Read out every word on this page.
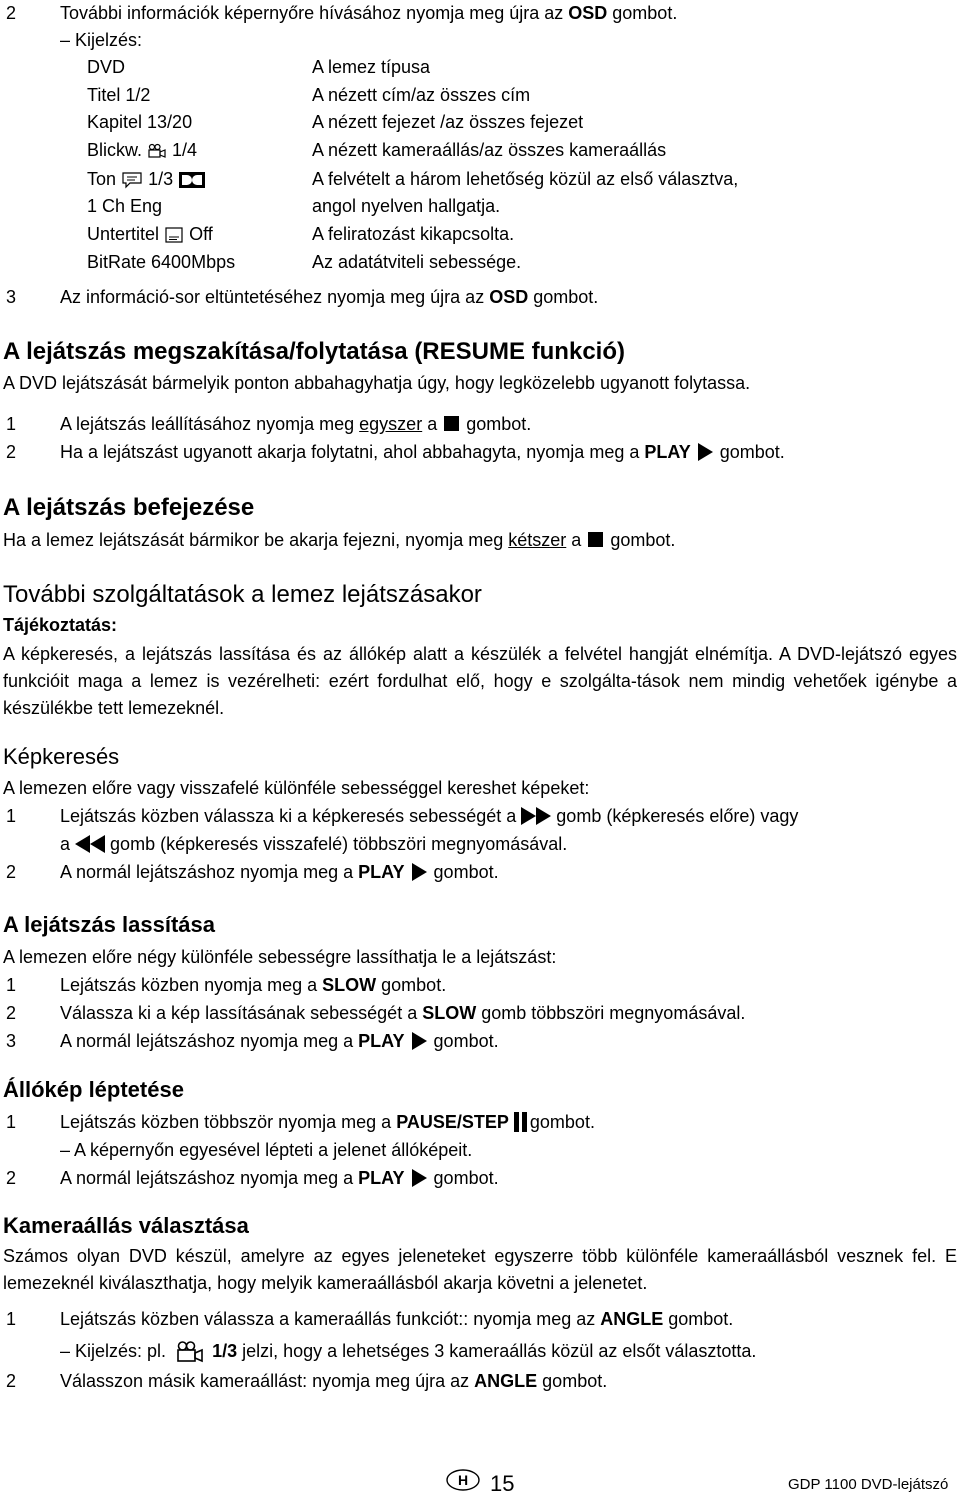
2 További információk képernyőre hívásához nyomja meg újra az OSD gombot.
– Kijelzés:
DVD	A lemez típusa
Titel 1/2	A nézett cím/az összes cím
Kapitel 13/20	A nézett fejezet /az összes fejezet
Blickw. 1/4	A nézett kameraállás/az összes kameraállás
Ton 1/3	A felvételt a három lehetőség közül az első választva,
1 Ch Eng	angol nyelven hallgatja.
Untertitel Off	A feliratozást kikapcsolta.
BitRate 6400Mbps	Az adatátviteli sebessége.
3 Az információ-sor eltüntetéséhez nyomja meg újra az OSD gombot.
A lejátszás megszakítása/folytatása (RESUME funkció)
A DVD lejátszását bármelyik ponton abbahagyhatja úgy, hogy legközelebb ugyanott folytassa.
1 A lejátszás leállításához nyomja meg egyszer a gombot.
2 Ha a lejátszást ugyanott akarja folytatni, ahol abbahagyta, nyomja meg a PLAY gombot.
A lejátszás befejezése
Ha a lemez lejátszását bármikor be akarja fejezni, nyomja meg kétszer a gombot.
További szolgáltatások a lemez lejátszásakor
Tájékoztatás:
A képkeresés, a lejátszás lassítása és az állókép alatt a készülék a felvétel hangját elnémítja. A DVD-lejátszó egyes funkcióit maga a lemez is vezérelheti: ezért fordulhat elő, hogy e szolgálta-tások nem mindig vehetőek igénybe a készülékbe tett lemezeknél.
Képkeresés
A lemezen előre vagy visszafelé különféle sebességgel kereshet képeket:
1 Lejátszás közben válassza ki a képkeresés sebességét a gomb (képkeresés előre) vagy
a gomb (képkeresés visszafelé) többszöri megnyomásával.
2 A normál lejátszáshoz nyomja meg a PLAY gombot.
A lejátszás lassítása
A lemezen előre négy különféle sebességre lassíthatja le a lejátszást:
1 Lejátszás közben nyomja meg a SLOW gombot.
2 Válassza ki a kép lassításának sebességét a SLOW gomb többszöri megnyomásával.
3 A normál lejátszáshoz nyomja meg a PLAY gombot.
Állókép léptetése
1 Lejátszás közben többször nyomja meg a PAUSE/STEP gombot.
– A képernyőn egyesével lépteti a jelenet állóképeit.
2 A normál lejátszáshoz nyomja meg a PLAY gombot.
Kameraállás választása
Számos olyan DVD készül, amelyre az egyes jeleneteket egyszerre több különféle kameraállásból vesznek fel. E lemezeknél kiválaszthatja, hogy melyik kameraállásból akarja követni a jelenetet.
1 Lejátszás közben válassza a kameraállás funkciót:: nyomja meg az ANGLE gombot.
– Kijelzés: pl.	1/3 jelzi, hogy a lehetséges 3 kameraállás közül az elsőt választotta.
2 Válasszon másik kameraállást: nyomja meg újra az ANGLE gombot.
H 15	GDP 1100 DVD-lejátszó
